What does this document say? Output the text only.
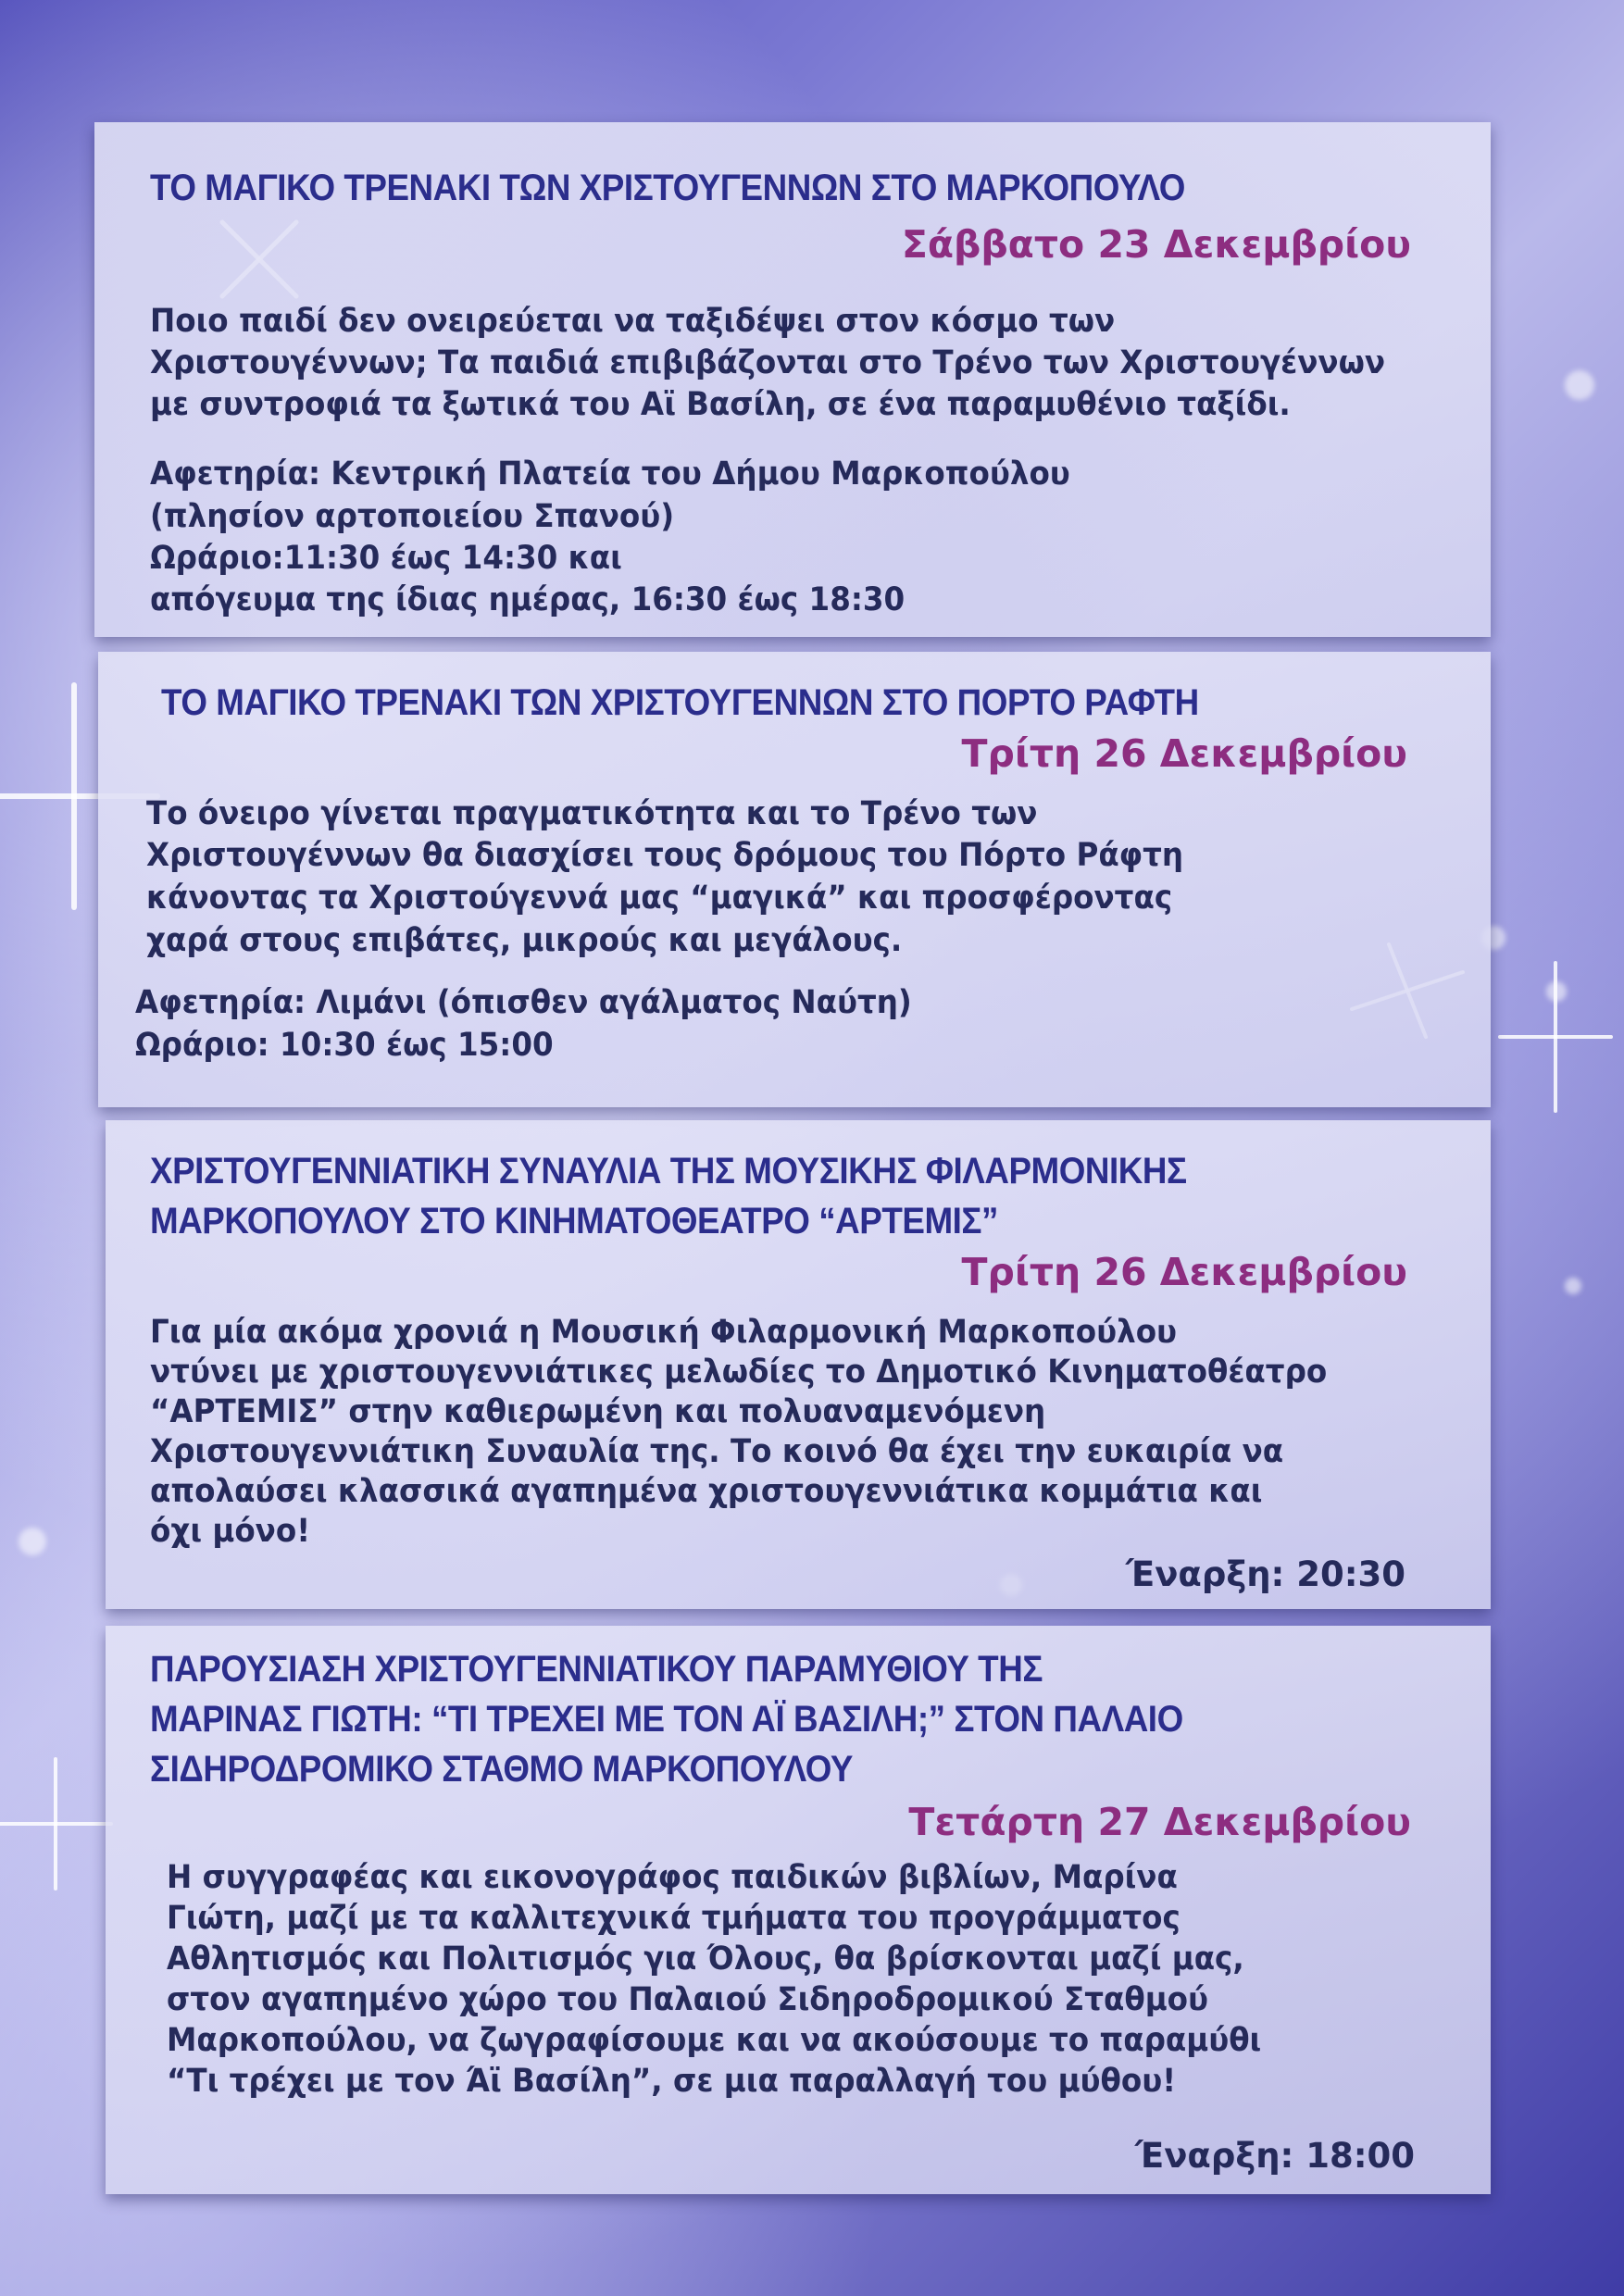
ΤΟ ΜΑΓΙΚΟ ΤΡΕΝΑΚΙ ΤΩΝ ΧΡΙΣΤΟΥΓΕΝΝΩΝ ΣΤΟ ΜΑΡΚΟΠΟΥΛΟ
Σάββατο 23 Δεκεμβρίου
Ποιο παιδί δεν ονειρεύεται να ταξιδέψει στον κόσμο των
Χριστουγέννων; Τα παιδιά επιβιβάζονται στο Τρένο των Χριστουγέννων
με συντροφιά τα ξωτικά του Αϊ Βασίλη, σε ένα παραμυθένιο ταξίδι.
Αφετηρία: Κεντρική Πλατεία του Δήμου Μαρκοπούλου
(πλησίον αρτοποιείου Σπανού)
Ωράριο:11:30 έως 14:30 και
απόγευμα της ίδιας ημέρας, 16:30 έως 18:30
ΤΟ ΜΑΓΙΚΟ ΤΡΕΝΑΚΙ ΤΩΝ ΧΡΙΣΤΟΥΓΕΝΝΩΝ ΣΤΟ ΠΟΡΤΟ ΡΑΦΤΗ
Τρίτη 26 Δεκεμβρίου
Το όνειρο γίνεται πραγματικότητα και το Τρένο των
Χριστουγέννων θα διασχίσει τους δρόμους του Πόρτο Ράφτη
κάνοντας τα Χριστούγεννά μας “μαγικά” και προσφέροντας
χαρά στους επιβάτες, μικρούς και μεγάλους.
Αφετηρία: Λιμάνι (όπισθεν αγάλματος Ναύτη)
Ωράριο: 10:30 έως 15:00
ΧΡΙΣΤΟΥΓΕΝΝΙΑΤΙΚΗ ΣΥΝΑΥΛΙΑ ΤΗΣ ΜΟΥΣΙΚΗΣ ΦΙΛΑΡΜΟΝΙΚΗΣ
ΜΑΡΚΟΠΟΥΛΟΥ ΣΤΟ ΚΙΝΗΜΑΤΟΘΕΑΤΡΟ “ΑΡΤΕΜΙΣ”
Τρίτη 26 Δεκεμβρίου
Για μία ακόμα χρονιά η Μουσική Φιλαρμονική Μαρκοπούλου
ντύνει με χριστουγεννιάτικες μελωδίες το Δημοτικό Κινηματοθέατρο
“ΑΡΤΕΜΙΣ” στην καθιερωμένη και πολυαναμενόμενη
Χριστουγεννιάτικη Συναυλία της. Το κοινό θα έχει την ευκαιρία να
απολαύσει κλασσικά αγαπημένα χριστουγεννιάτικα κομμάτια και
όχι μόνο!
Έναρξη: 20:30
ΠΑΡΟΥΣΙΑΣΗ ΧΡΙΣΤΟΥΓΕΝΝΙΑΤΙΚΟΥ ΠΑΡΑΜΥΘΙΟΥ ΤΗΣ
ΜΑΡΙΝΑΣ ΓΙΩΤΗ: “ΤΙ ΤΡΕΧΕΙ ΜΕ ΤΟΝ ΑΪ ΒΑΣΙΛΗ;” ΣΤΟΝ ΠΑΛΑΙΟ
ΣΙΔΗΡΟΔΡΟΜΙΚΟ ΣΤΑΘΜΟ ΜΑΡΚΟΠΟΥΛΟΥ
Τετάρτη 27 Δεκεμβρίου
Η συγγραφέας και εικονογράφος παιδικών βιβλίων, Μαρίνα
Γιώτη, μαζί με τα καλλιτεχνικά τμήματα του προγράμματος
Αθλητισμός και Πολιτισμός για Όλους, θα βρίσκονται μαζί μας,
στον αγαπημένο χώρο του Παλαιού Σιδηροδρομικού Σταθμού
Μαρκοπούλου, να ζωγραφίσουμε και να ακούσουμε το παραμύθι
“Τι τρέχει με τον Άϊ Βασίλη”, σε μια παραλλαγή του μύθου!
Έναρξη: 18:00
